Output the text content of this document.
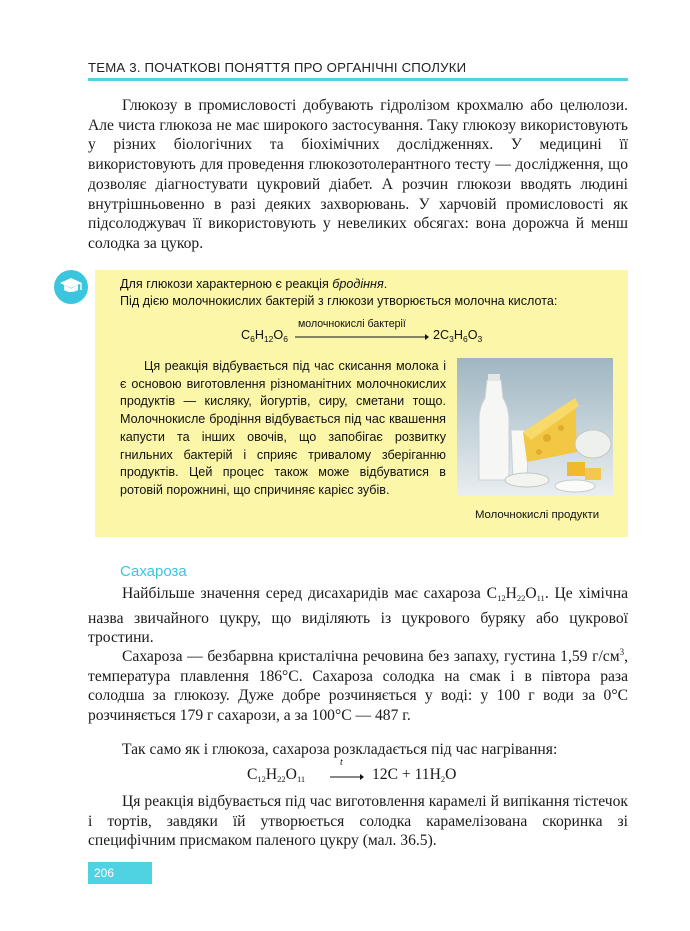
ТЕМА 3. ПОЧАТКОВІ ПОНЯТТЯ ПРО ОРГАНІЧНІ СПОЛУКИ

Глюкозу в промисловості добувають гідролізом крохмалю або целюлози. Але чиста глюкоза не має широкого застосування. Таку глюкозу використовують у різних біологічних та біохімічних дослідженнях. У медицині її використовують для проведення глюкозотолерантного тесту — дослідження, що дозволяє діагностувати цукровий діабет. А розчин глюкози вводять людині внутрішньовенно в разі деяких захворювань. У харчовій промисловості як підсолоджувач її використовують у невеликих обсягах: вона дорожча й менш солодка за цукор.

Для глюкози характерною є реакція бродіння.
Під дією молочнокислих бактерій з глюкози утворюється молочна кислота:
$C_6H_{12}O_6$
молочнокислі бактерії
$2C_3H_6O_3$

Ця реакція відбувається під час скисання молока і є основою виготовлення різноманітних молочнокислих продуктів — кисляку, йогуртів, сиру, сметани тощо. Молочнокисле бродіння відбувається під час квашення капусти та інших овочів, що запобігає розвитку гнильних бактерій і сприяє тривалому зберіганню продуктів. Цей процес також може відбуватися в ротовій порожнині, що спричиняє карієс зубів.

Молочнокислі продукти
Сахароза

Найбільше значення серед дисахаридів має сахароза $C_{12}H_{22}O_{11}$. Це хімічна назва звичайного цукру, що виділяють із цукрового буряку або цукрової тростини.

Сахароза — безбарвна кристалічна речовина без запаху, густина 1,59 $г/см^3$, температура плавлення 186°С. Сахароза солодка на смак і в півтора раза солодша за глюкозу. Дуже добре розчиняється у воді: у 100 г води за 0°С розчиняється 179 г сахарози, а за 100°С — 487 г.

Так само як і глюкоза, сахароза розкладається під час нагрівання:

$C_{12}H_{22}O_{11}$
t
$12C + 11H_2O$

Ця реакція відбувається під час виготовлення карамелі й випікання тістечок і тортів, завдяки їй утворюється солодка карамелізована скоринка зі специфічним присмаком паленого цукру (мал. 36.5).

206
